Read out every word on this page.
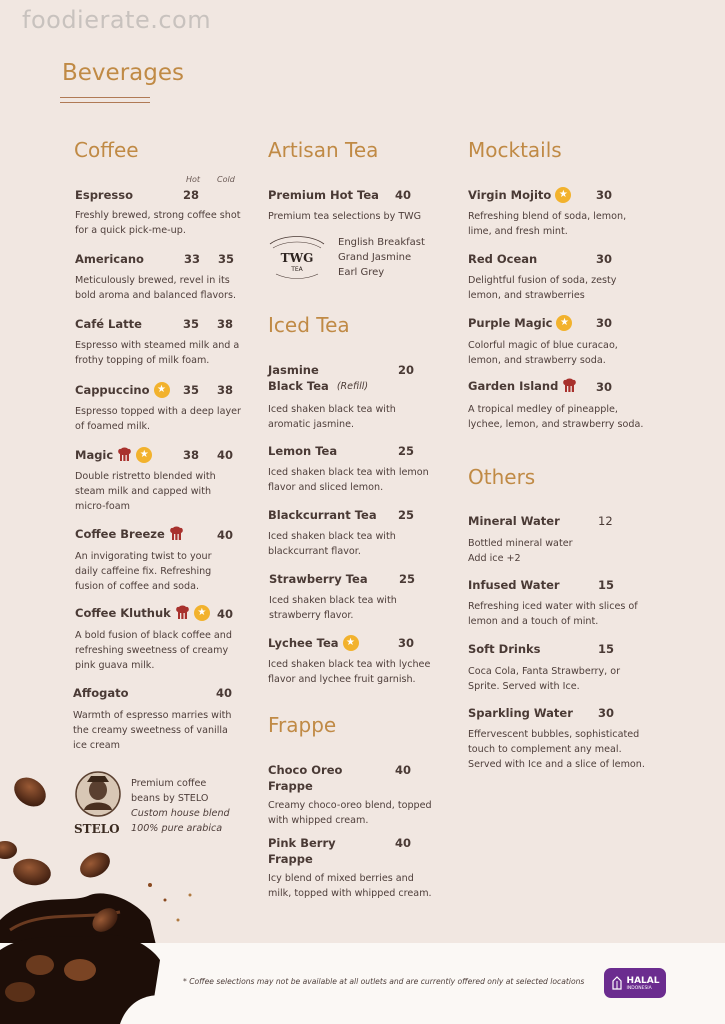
foodierate.com
Beverages
Coffee
Hot Cold
Espresso	28
Freshly brewed, strong coffee shot
for a quick pick-me-up.
Americano	33 35
Meticulously brewed, revel in its
bold aroma and balanced flavors.
Café Latte	35 38
Espresso with steamed milk and a
frothy topping of milk foam.
Cappuccino ★	35 38
Espresso topped with a deep layer
of foamed milk.
Magic	★	38 40
Double ristretto blended with
steam milk and capped with
micro-foam
Coffee Breeze	40
An invigorating twist to your
daily caffeine fix. Refreshing
fusion of coffee and soda.
Coffee Kluthuk	★ 40
A bold fusion of black coffee and
refreshing sweetness of creamy
pink guava milk.
Affogato	40
Warmth of espresso marries with
the creamy sweetness of vanilla
ice cream
STELO
Premium coffee
beans by STELO
Custom house blend
100% pure arabica
Artisan Tea
Premium Hot Tea 40
Premium tea selections by TWG
TWG
TEA
English Breakfast
Grand Jasmine
Earl Grey
Iced Tea
Jasmine
Black Tea (Refill)
20
Iced shaken black tea with
aromatic jasmine.
Lemon Tea	25
Iced shaken black tea with lemon
flavor and sliced lemon.
Blackcurrant Tea 25
Iced shaken black tea with
blackcurrant flavor.
Strawberry Tea	25
Iced shaken black tea with
strawberry flavor.
Lychee Tea ★	30
Iced shaken black tea with lychee
flavor and lychee fruit garnish.
Frappe
Choco Oreo
Frappe
40
Creamy choco-oreo blend, topped
with whipped cream.
Pink Berry
Frappe
40
Icy blend of mixed berries and
milk, topped with whipped cream.
Mocktails
Virgin Mojito ★	30
Refreshing blend of soda, lemon,
lime, and fresh mint.
Red Ocean	30
Delightful fusion of soda, zesty
lemon, and strawberries
Purple Magic ★	30
Colorful magic of blue curacao,
lemon, and strawberry soda.
Garden Island	30
A tropical medley of pineapple,
lychee, lemon, and strawberry soda.
Others
Mineral Water	12
Bottled mineral water
Add ice +2
Infused Water	15
Refreshing iced water with slices of
lemon and a touch of mint.
Soft Drinks	15
Coca Cola, Fanta Strawberry, or
Sprite. Served with Ice.
Sparkling Water 30
Effervescent bubbles, sophisticated
touch to complement any meal.
Served with Ice and a slice of lemon.
* Coffee selections may not be available at all outlets and are currently offered only at selected locations	HALAL
INDONESIA
